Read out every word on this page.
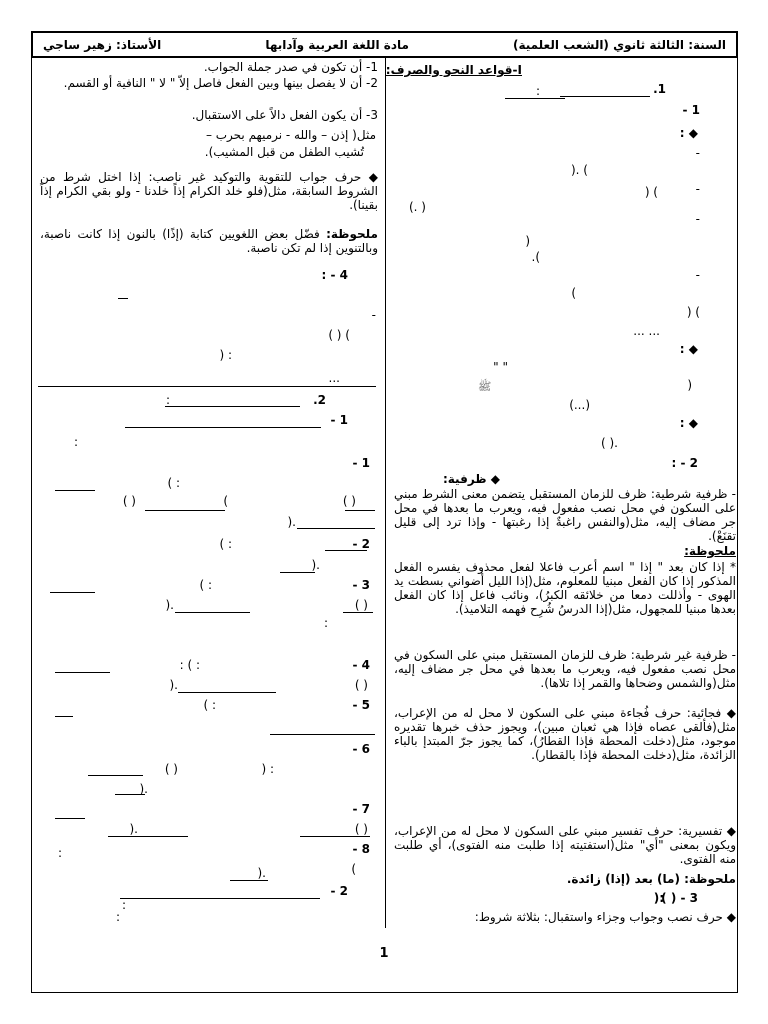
السنة: الثالثة ثانوي (الشعب العلمية)
مادة اللغة العربية وآدابها
الأستاذ: زهير ساجي
I-قواعد النحو والصرف:
1.
:
1 -
◆ :
-
) .(
-
) (
( .)
-
(
).
-
)
) (
... ...
◆ :
" "
(
ﷺ
(...)
◆ :
.( )
2 - :
◆ ظرفية:
- ظرفية شرطية: ظرف للزمان المستقبل يتضمن معنى الشرط مبني على السكون في محل نصب مفعول فيه، ويعرب ما بعدها في محل جر مضاف إليه، مثل(والنفس راغبةٌ إذا رغبتها - وإذا ترد إلى قليل تقنَعْ).
ملحوظة:
* إذا كان بعد " إذا " اسم أعرب فاعلا لفعل محذوف يفسره الفعل المذكور إذا كان الفعل مبنيا للمعلوم، مثل(إذا الليل أضواني بسطت يد الهوى - وأذللت دمعا من خلائقه الكبرُ)، ونائب فاعل إذا كان الفعل بعدها مبنيا للمجهول، مثل(إذا الدرسُ شُرِح فهمه التلاميذ).
- ظرفية غير شرطية: ظرف للزمان المستقبل مبني على السكون في محل نصب مفعول فيه، ويعرب ما بعدها في محل جر مضاف إليه، مثل(والشمس وضحاها والقمر إذا تلاها).
◆ فجائية: حرف فُجاءة مبني على السكون لا محل له من الإعراب، مثل(فألقى عصاه فإذا هي ثعبان مبين)، ويجوز حذف خبرها تقديره موجود، مثل(دخلت المحطة فإذا القطارُ)، كما يجوز جرّ المبتدإ بالباء الزائدة، مثل(دخلت المحطة فإذا بالقطار).
◆ تفسيرية: حرف تفسير مبني على السكون لا محل له من الإعراب، ويكون بمعنى "أي" مثل(استفتيته إذا طلبت منه الفتوى)، أي طلبت منه الفتوى.
ملحوظة: (ما) بعد (إذا) زائدة.
3 - ( )
:(
◆ حرف نصب وجواب وجزاء واستقبال: بثلاثة شروط:
1- أن تكون في صدر جملة الجواب.
2- أن لا يفصل بينها وبين الفعل فاصل إلاّ " لا " النافية أو القسم.
3- أن يكون الفعل دالاً على الاستقبال.
مثل( إذن – والله - نرميهم بحرب –
تُشيب الطفل من قبل المشيب).
◆ حرف جواب للتقوية والتوكيد غير ناصب: إذا اختل شرط من الشروط السابقة، مثل(فلو خلد الكرام إذاً خلدنا - ولو بقي الكرام إذاً بقينا).
ملحوظة: فضّل بعض اللغويين كتابة (إذًا) بالنون إذا كانت ناصبة، وبالتنوين إذا لم تكن ناصبة.
4 - :
-
) ( )
: (
...
2.
:
1 -
:
1 -
: )
( )
)
( )
.(
2 -
: )
.(
3 -
: )
( )
.(
:
4 -
: ) :
( )
.(
5 -
: )
6 -
: (
( )
.(
7 -
( )
.(
8 -
:
)
.(
2 -
:
:
1
